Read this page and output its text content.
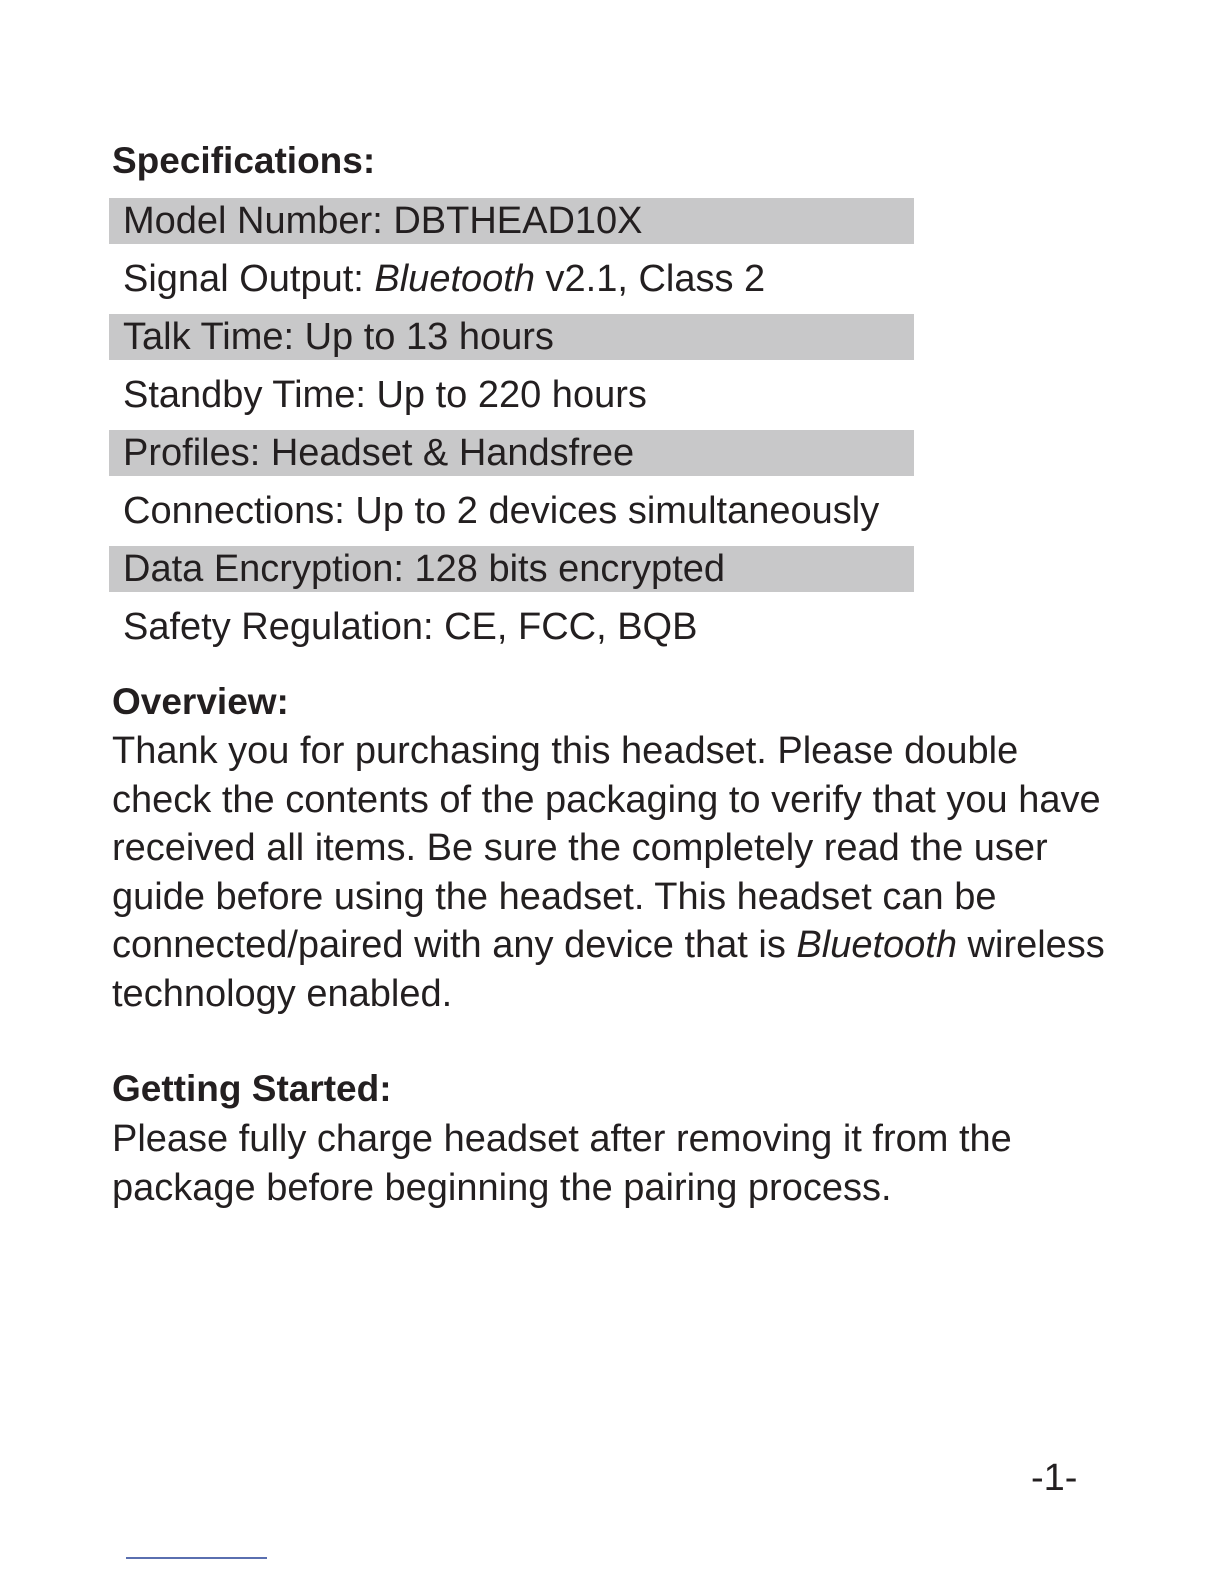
Specifications:
Model Number: DBTHEAD10X
Signal Output: Bluetooth v2.1, Class 2
Talk Time: Up to 13 hours
Standby Time: Up to 220 hours
Profiles: Headset & Handsfree
Connections: Up to 2 devices simultaneously
Data Encryption: 128 bits encrypted
Safety Regulation: CE, FCC, BQB
Overview:

Thank you for purchasing this headset. Please double
check the contents of the packaging to verify that you have
received all items. Be sure the completely read the user
guide before using the headset. This headset can be
connected/paired with any device that is Bluetooth wireless
technology enabled.

Getting Started:

Please fully charge headset after removing it from the
package before beginning the pairing process.

-1-
